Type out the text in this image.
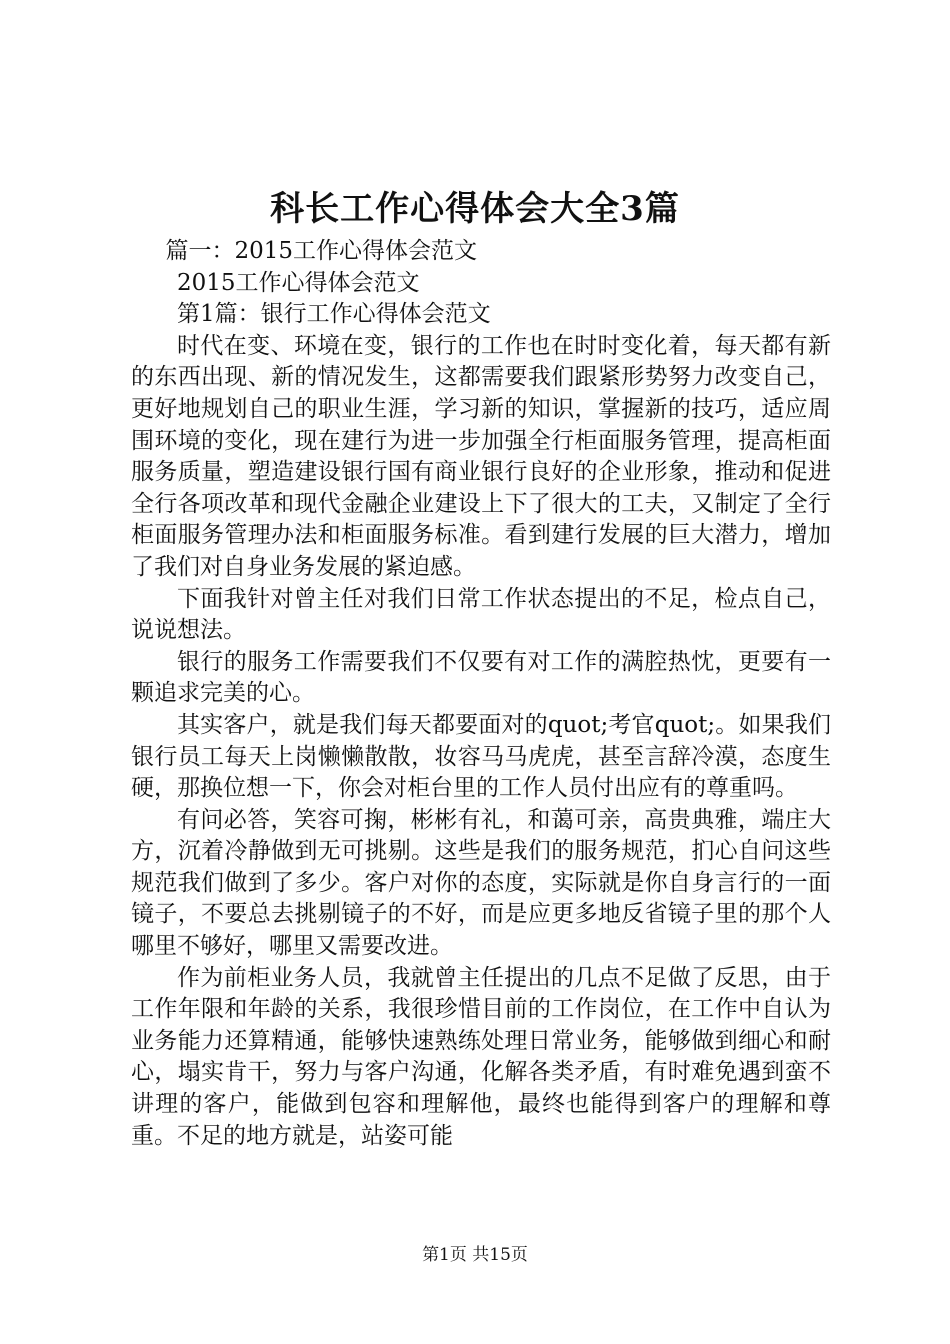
科长工作心得体会大全3篇

篇一：2015工作心得体会范文

2015工作心得体会范文

第1篇：银行工作心得体会范文

时代在变、环境在变，银行的工作也在时时变化着，每天都有新的东西出现、新的情况发生，这都需要我们跟紧形势努力改变自己，更好地规划自己的职业生涯，学习新的知识，掌握新的技巧，适应周围环境的变化，现在建行为进一步加强全行柜面服务管理，提高柜面服务质量，塑造建设银行国有商业银行良好的企业形象，推动和促进全行各项改革和现代金融企业建设上下了很大的工夫，又制定了全行柜面服务管理办法和柜面服务标准。看到建行发展的巨大潜力，增加了我们对自身业务发展的紧迫感。

下面我针对曾主任对我们日常工作状态提出的不足，检点自己，说说想法。

银行的服务工作需要我们不仅要有对工作的满腔热忱，更要有一颗追求完美的心。

其实客户，就是我们每天都要面对的quot;考官quot;。如果我们银行员工每天上岗懒懒散散，妆容马马虎虎，甚至言辞冷漠，态度生硬，那换位想一下，你会对柜台里的工作人员付出应有的尊重吗。

有问必答，笑容可掬，彬彬有礼，和蔼可亲，高贵典雅，端庄大方，沉着冷静做到无可挑剔。这些是我们的服务规范，扪心自问这些规范我们做到了多少。客户对你的态度，实际就是你自身言行的一面镜子，不要总去挑剔镜子的不好，而是应更多地反省镜子里的那个人哪里不够好，哪里又需要改进。

作为前柜业务人员，我就曾主任提出的几点不足做了反思，由于工作年限和年龄的关系，我很珍惜目前的工作岗位，在工作中自认为业务能力还算精通，能够快速熟练处理日常业务，能够做到细心和耐心，塌实肯干，努力与客户沟通，化解各类矛盾，有时难免遇到蛮不讲理的客户，能做到包容和理解他，最终也能得到客户的理解和尊重。不足的地方就是，站姿可能

第1页 共15页
